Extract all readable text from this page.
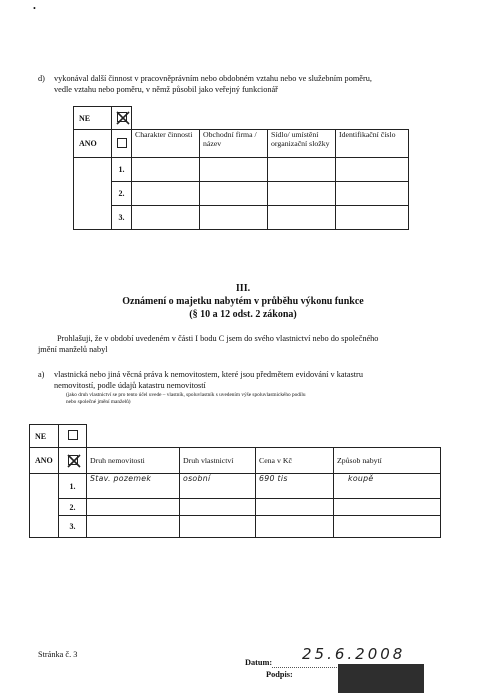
•
d) vykonával další činnost v pracovněprávním nebo obdobném vztahu nebo ve služebním poměru,
vedle vztahu nebo poměru, v němž působil jako veřejný funkcionář
NE	

ANO		Charakter činnosti	Obchodní firma / název	Sídlo/ umístění organizační složky	Identifikační číslo
	1.				
	2.				
	3.				
III.
Oznámení o majetku nabytém v průběhu výkonu funkce
(§ 10 a 12 odst. 2 zákona)
Prohlašuji, že v období uvedeném v části I bodu C jsem do svého vlastnictví nebo do společného
jmění manželů nabyl
a) vlastnická nebo jiná věcná práva k nemovitostem, které jsou předmětem evidování v katastru
nemovitostí, podle údajů katastru nemovitostí
(jako druh vlastnictví se pro tento účel uvede – vlastník, spoluvlastník s uvedením výše spoluvlastnického podílu
nebo společné jmění manželů)
NE					
ANO		Druh nemovitosti	Druh vlastnictví	Cena v Kč	Způsob nabytí
	1.	Stav. pozemek	osobní	690 tis	koupě
	2.				
	3.				
Stránka č. 3
Datum: 25.6.2008
Podpis:
